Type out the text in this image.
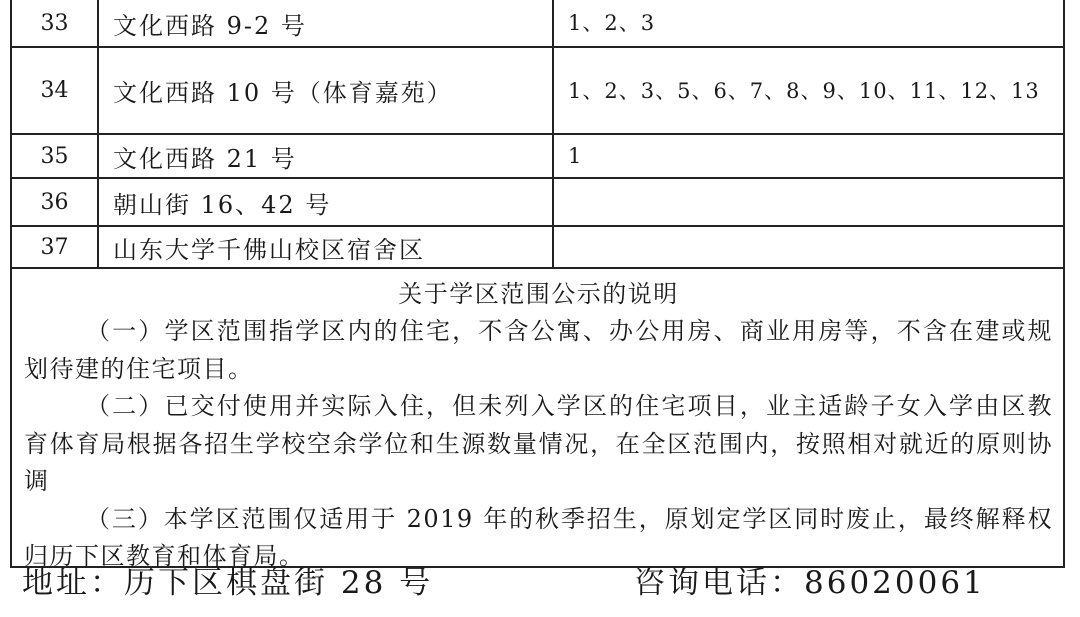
33	文化西路 9-2 号	1、2、3
34	文化西路 10 号（体育嘉苑）	1、2、3、5、6、7、8、9、10、11、12、13
35	文化西路 21 号	1
36	朝山街 16、42 号
37	山东大学千佛山校区宿舍区
关于学区范围公示的说明

（一）学区范围指学区内的住宅，不含公寓、办公用房、商业用房等，不含在建或规划待建的住宅项目。

（二）已交付使用并实际入住，但未列入学区的住宅项目，业主适龄子女入学由区教育体育局根据各招生学校空余学位和生源数量情况，在全区范围内，按照相对就近的原则协调

（三）本学区范围仅适用于 2019 年的秋季招生，原划定学区同时废止，最终解释权归历下区教育和体育局。

地址：历下区棋盘街 28 号	咨询电话：86020061
